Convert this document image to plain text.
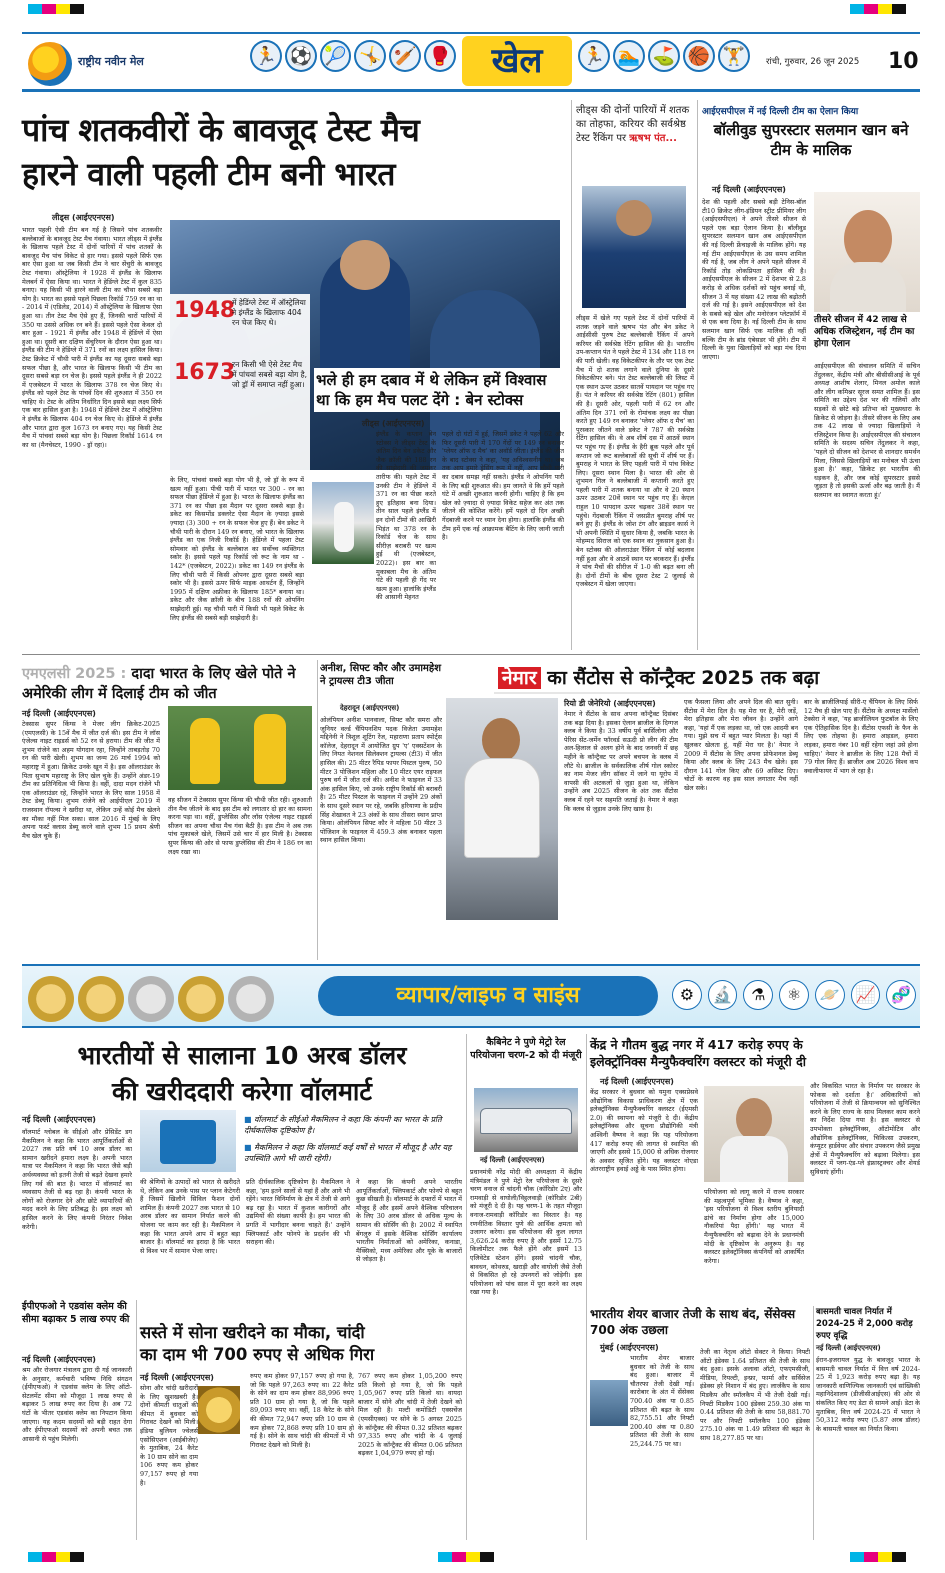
राष्ट्रीय नवीन मेल	🏃 ⚽ 🎾 🤸 🏏 🥊	खेल	🏃 🏊 ⛳ 🏀 🏋	रांची, गुरुवार, 26 जून 2025 10
पांच शतकवीरों के बावजूद टेस्ट मैच
हारने वाली पहली टीम बनी भारत
लीड्स (आईएएनएस)
भारत पहली ऐसी टीम बन गई है जिसने पांच शतकवीर बल्लेबाजों के बावजूद टेस्ट मैच गंवाया। भारत लीड्स में इंग्लैंड के खिलाफ पहले टेस्ट में दोनों पारियों में पांच शतकों के बावजूद मैच पांच विकेट से हार गया। इससे पहले सिर्फ एक बार ऐसा हुआ था जब किसी टीम ने चार सेंचुरी के बावजूद टेस्ट गंवाया। ऑस्ट्रेलिया ने 1928 में इंग्लैंड के खिलाफ मेलबर्न में ऐसा किया था। भारत ने हेडिंग्ले टेस्ट में कुल 835 बनाए। यह किसी भी हारने वाली टीम का चौथा सबसे बड़ा योग है। भारत का इससे पहले पिछला रिकॉर्ड 759 रन का था - 2014 में (एडिलेड, 2014) में ऑस्ट्रेलिया के खिलाफ ऐसा हुआ था। तीन टेस्ट मैच ऐसे हुए हैं, जिनकी चारों पारियों में 350 या उससे अधिक रन बने हैं। इससे पहले ऐसा केवल दो बार हुआ - 1921 में इंग्लैंड और 1948 में हेडिंग्ले में ऐसा हुआ था। दूसरी बार दक्षिण सेंचुरियन के दौरान ऐसा हुआ था। इंग्लैंड की टीम ने हेडिंग्ले में 371 रनों का लक्ष्य हासिल किया। टेस्ट क्रिकेट में चौथी पारी में इंग्लैंड का यह दूसरा सबसे बड़ा सफल पीछा है, और भारत के खिलाफ किसी भी टीम का दूसरा सबसे बड़ा रन चेज है। इससे पहले इंग्लैंड ने ही 2022 में एजबेस्टन में भारत के खिलाफ 378 रन चेज किए थे। इंग्लैंड को पहले टेस्ट के पांचवें दिन की शुरुआत में 350 रन चाहिए थे। टेस्ट के अंतिम निर्धारित दिन इससे बड़ा लक्ष्य सिर्फ एक बार हासिल हुआ है। 1948 में हेडिंग्ले टेस्ट में ऑस्ट्रेलिया ने इंग्लैंड के खिलाफ 404 रन चेज किए थे। हेडिंग्ले में इंग्लैंड और भारत द्वारा कुल 1673 रन बनाए गए। यह किसी टेस्ट मैच में पांचवां सबसे बड़ा योग है। पिछला रिकॉर्ड 1614 रन का था (मैनचेस्टर, 1990 - ड्रॉ रहा)।
1948
में हेडिंग्ले टेस्ट में ऑस्ट्रेलिया ने इंग्लैंड के खिलाफ 404 रन चेज किए थे।
1673
रन किसी भी ऐसे टेस्ट मैच में पांचवां सबसे बड़ा योग है, जो ड्रॉ में समाप्त नहीं हुआ।
के लिए, पांचवां सबसे बड़ा योग भी है, जो ड्रॉ के रूप में खत्म नहीं हुआ। पीची पारी में भारत पर 300 - रन का सफल पीछा हेडिंग्ले में हुआ है। भारत के खिलाफ इंग्लैंड का 371 रन का पीछा इस मैदान पर दूसरा सबसे बड़ा है। डकेट का किसमोंड डक्लरेट ऐसा मैदान के ज़्यादा इससे ज़्यादा (3) 300 + रन के सफल चेज हुए हैं। बेन डकेट ने चौथी पारी के दौरान 149 रन बनाए, जो भारत के खिलाफ इंग्लैंड का एक निजी रिकॉर्ड है। हेडिंग्ले में पहला टेस्ट सोमवार को इंग्लैंड के बल्लेबाज का सर्वोच्च व्यक्तिगत स्कोर है। इससे पहले यह रिकॉर्ड जो रूट के नाम था - 142* (एजबेस्टन, 2022)। डकेट का 149 रन इंग्लैंड के लिए चौथी पारी में किसी ओपनर द्वारा दूसरा सबसे बड़ा स्कोर भी है। इससे ऊपर सिर्फ माइक आथर्टन हैं, जिन्होंने 1995 में दक्षिण अफ्रीका के खिलाफ 185* बनाया था। डकेट और जैक क्रॉली के बीच 188 रनों की ओपनिंग साझेदारी हुई। यह चौथी पारी में किसी भी पहले विकेट के लिए इंग्लैंड की सबसे बड़ी साझेदारी है।
भले ही हम दबाव में थे लेकिन हमें विश्वास था कि हम मैच पलट देंगे : बेन स्टोक्स
लीड्स (आईएएनएस)
इंग्लैंड के कप्तान बेन स्टोक्स ने लीड्स टेस्ट के अंतिम दिन बेन डकेट और जैक क्रॉली की 188 रन की साझेदारी की जमकर तारीफ की। पहले टेस्ट में उनकी टीम ने हेडिंग्ले में 371 रन का पीछा करते हुए इतिहास बना दिया। तीन साल पहले इंग्लैंड में इन दोनों टीमों की आखिरी भिड़ंत था 378 रन के रिकॉर्ड चेज के साथ सीरीज़ बराबरी पर खत्म हुई थी (एजबेस्टन, 2022)। इस बार का मुकाबला मैच के अंतिम घंटे की पहली ही गेंद पर खत्म हुआ। हालांकि इंग्लैंड की आसानी मेहनत
पहले दो घंटों में हुई, जिसमें डकेट ने पहले 62 और फिर दूसरी पारी में 170 गेंदों पर 149 रन बनाकर 'प्लेयर ऑफ द मैच' का अवॉर्ड जीता। इंग्लैंड की जीत के बाद स्टोक्स ने कहा, 'यह अविश्वसनीय था। जब तक आप हमारे ड्रेसिंग रूम में नहीं, आप चौथी पारी का दबाव समझ नहीं सकते। इंग्लैंड ने ओपनिंग पारी के लिए बड़ी शुरुआत की। हम जानते थे कि हमें पहले घंटे में अच्छी शुरुआत करनी होगी। चाहिए है कि हम खेल को ज़्यादा से ज़्यादा विकेट सहेज कर अंत तक जीतने की कोशिश करेंगे। हमें पहले दो दिन अच्छी गेंदबाजी करने पर ध्यान देना होगा। हालांकि इंग्लैंड की टीम हमें एक नई आक्रामक बैटिंग के लिए जानी जाती है।
लीड्स की दोनों पारियों में शतक का तोहफा, करियर की सर्वश्रेष्ठ टेस्ट रैंकिंग पर ऋषभ पंत...
लीड्स में खेले गए पहले टेस्ट में दोनों पारियों में शतक जड़ने वाले ऋषभ पंत और बेन डकेट ने आईसीसी पुरुष टेस्ट बल्लेबाजी रैंकिंग में अपने करियर की सर्वश्रेष्ठ रेटिंग हासिल की है। भारतीय उप-कप्तान पंत ने पहले टेस्ट में 134 और 118 रन की पारी खेली। वह विकेटकीपर के तौर पर एक टेस्ट मैच में दो शतक लगाने वाले दुनिया के दूसरे विकेटकीपर बने। पंत टेस्ट बल्लेबाजी की लिस्ट में एक स्थान ऊपर उठकर सातवें पायदान पर पहुंच गए हैं। पंत ने करियर की सर्वश्रेष्ठ रेटिंग (801) हासिल की है। दूसरी ओर, पहली पारी में 62 रन और अंतिम दिन 371 रनों के रोमांचक लक्ष्य का पीछा करते हुए 149 रन बनाकर 'प्लेयर ऑफ द मैच' का पुरस्कार जीतने वाले डकेट ने 787 की सर्वश्रेष्ठ रेटिंग हासिल की। वे अब शीर्ष दस में आठवें स्थान पर पहुंच गए हैं। इंग्लैंड के हैरी ब्रूक पहले और पूर्व कप्तान जो रूट बल्लेबाजों की सूची में शीर्ष पर हैं। बुमराह ने भारत के लिए पहली पारी में पांच विकेट लिए। दूसरा स्थान मिला है। भारत की ओर से शुभमन गिल ने बल्लेबाजी में कप्तानी करते हुए पहली पारी में शतक बनाया था और वे 20 स्थान ऊपर उठकर 20वें स्थान पर पहुंच गए हैं। केएल राहुल 10 पायदान ऊपर चढ़कर 38वें स्थान पर पहुंचे। गेंदबाजी रैंकिंग में जसप्रीत बुमराह शीर्ष पर बने हुए हैं। इंग्लैंड के जोश टंग और ब्राइडन कार्स ने भी अपनी स्थिति में सुधार किया है, जबकि भारत के मोहम्मद सिराज को एक स्थान का नुकसान हुआ है। बेन स्टोक्स की ऑलराउंडर रैंकिंग में कोई बदलाव नहीं हुआ और वे आठवें स्थान पर बरकरार हैं। इंग्लैंड ने पांच मैचों की सीरीज में 1-0 की बढ़त बना ली है। दोनों टीमों के बीच दूसरा टेस्ट 2 जुलाई से एजबेस्टन में खेला जाएगा।
आईएसपीएल में नई दिल्ली टीम का ऐलान किया
बॉलीवुड सुपरस्टार सलमान खान बने टीम के मालिक
नई दिल्ली (आईएएनएस)
देश की पहली और सबसे बड़ी टेनिस-बॉल टी10 क्रिकेट लीग-इंडियन स्ट्रीट प्रीमियर लीग (आईएसपीएल) ने अपने तीसरे सीजन से पहले एक बड़ा ऐलान किया है। बॉलीवुड सुपरस्टार सलमान खान अब आईएसपीएल की नई दिल्ली फ्रेंचाइजी के मालिक होंगे। यह नई टीम आईएसपीएल के उस समय शामिल की गई है, जब लीग ने अपने पहले सीजन में रिकॉर्ड तोड़ लोकप्रियता हासिल की है। आईएसपीएल के सीजन 2 में देशभर से 2.8 करोड़ से अधिक दर्शकों को पहुंच बनाई थी, सीजन 3 में यह संख्या 42 लाख की बढ़ोतरी दर्ज की गई है। इसने आईएसपीएल को देश के सबसे बड़े खेल और मनोरंजन प्लेटफ़ॉर्म में से एक बना दिया है। नई दिल्ली टीम के साथ सलमान खान सिर्फ एक मालिक ही नहीं बल्कि टीम के ब्रांड एंबेसडर भी होंगे। टीम में दिल्ली के युवा खिलाड़ियों को बड़ा मंच दिया जाएगा।
तीसरे सीजन में 42 लाख से अधिक रजिस्ट्रेशन, नई टीम का होगा ऐलान
आईएसपीएल की संचालन समिति में सचिन तेंदुलकर, केंद्रीय मंत्री और बीसीसीआई के पूर्व अध्यक्ष आशीष शेलार, मिनल अमोल काले और लीग कमिश्नर सूरज समत शामिल हैं। इस समिति का उद्देश्य देश भर की गलियों और सड़कों से छोटे बड़े प्रतिभा को मुख्यधारा के क्रिकेट से जोड़ना है। तीसरे सीजन के लिए अब तक 42 लाख से ज्यादा खिलाड़ियों ने रजिस्ट्रेशन किया है। आईएसपीएल की संचालन समिति के सदस्य सचिन तेंदुलकर ने कहा, 'पहले दो सीजन को देशभर से शानदार समर्थन मिला, जिससे खिलाड़ियों का मनोबल भी ऊंचा हुआ है।' कहा, 'क्रिकेट हर भारतीय की धड़कन है, और जब कोई सुपरस्टार इससे जुड़ता है तो इसकी ऊर्जा और बढ़ जाती है। मैं सलमान का स्वागत करता हूं।'
एमएलसी 2025 : दादा भारत के लिए खेले पोते ने अमेरिकी लीग में दिलाई टीम को जीत
नई दिल्ली (आईएएनएस)
टेक्सास सुपर किंग्स ने मेजर लीग क्रिकेट-2025 (एमएलसी) के 15वें मैच में जीत दर्ज की। इस टीम ने लॉस एंजेल्स नाइट राइडर्स को 52 रन से हराया। टीम की जीत में शुभम रांजेने का अहम योगदान रहा, जिन्होंने ताबड़तोड़ 70 रन की पारी खेली। शुभम का जन्म 26 मार्च 1994 को महाराष्ट्र में हुआ। क्रिकेट उनके खून में है। इस ऑलराउंडर के पिता सुभाष महाराष्ट्र के लिए खेल चुके हैं। उन्होंने अंडर-19 टीम का प्रतिनिधित्व भी किया है। वहीं, दादा मदन रांजेने भी एक ऑलराउंडर रहे, जिन्होंने भारत के लिए साल 1958 में टेस्ट डेब्यू किया। शुभम रांजेने को आईपीएल 2019 में राजस्थान रॉयल्स ने खरीदा था, लेकिन उन्हें कोई मैच खेलने का मौका नहीं मिल सका। साल 2016 में मुंबई के लिए अपना फर्स्ट क्लास डेब्यू करने वाले शुभम 15 प्रथम श्रेणी मैच खेल चुके हैं।
वह सीजन में टेक्सास सुपर किंग्स की चौथी जीत रही। शुरुआती तीन मैच जीतने के बाद इस टीम को लगातार दो हार का सामना करना पड़ा था। वहीं, डुप्लेसिस और लॉस एंजेल्स नाइट राइडर्स सीजन का अपना चौथा मैच गंवा बैठी है। इस टीम ने अब तक पांच मुकाबले खेले, जिसमें उसे चार में हार मिली है। टेक्सास सुपर किंग्स की ओर से फाफ डुप्लेसिस की टीम ने 186 रन का लक्ष्य रखा था।
अनीश, सिफ्ट कौर और उमामहेश ने ट्रायल्स टी3 जीता
देहरादून (आईएएनएस)
ओलंपियन अनीश भानवाला, सिफ्ट कौर समरा और जूनियर वर्ल्ड चैंपियनशिप पदक विजेता उमामहेश मद्दिनेनी ने त्रिशूल शूटिंग रेंज, महाराणा प्रताप स्पोर्ट्स कॉलेज, देहरादून में आयोजित ग्रुप 'ए' एक्सटेंशन के लिए नियत नेशनल सिलेक्शन ट्रायल्स (टी3) में जीत हासिल की। 25 मीटर रैपिड फायर पिस्टल पुरुष, 50 मीटर 3 पोजिशन महिला और 10 मीटर एयर राइफल पुरुष वर्ग में जीत दर्ज की। अनीश ने फाइनल में 33 अंक हासिल किए, जो उनके राष्ट्रीय रिकॉर्ड की बराबरी है। 25 मीटर पिस्टल के फाइनल में उन्होंने 29 अंकों के साथ दूसरे स्थान पर रहे, जबकि हरियाणा के प्रदीप सिंह शेखावत ने 23 अंकों के साथ तीसरा स्थान प्राप्त किया। ओलंपियन सिफ्ट कौर ने महिला 50 मीटर 3 पोजिशन के फाइनल में 459.3 अंक बनाकर पहला स्थान हासिल किया।
नेमार का सैंटोस से कॉन्ट्रैक्ट 2025 तक बढ़ा
रियो डी जेनेरियो (आईएएनएस)
नेमार ने सैंटोस के साथ अपना कॉन्ट्रैक्ट दिसंबर तक बढ़ा दिया है। इसका ऐलान ब्राजील के दिग्गज क्लब ने किया है। 33 वर्षीय पूर्व बार्सिलोना और पेरिस सेंट-जर्मेन फॉरवर्ड सऊदी प्रो लीग की टीम अल-हिलाल से अलग होने के बाद जनवरी में छह महीने के कॉन्ट्रैक्ट पर अपने बचपन के क्लब में लौटे थे। ब्राजील के सर्वकालिक शीर्ष गोल स्कोरर का नाम मेजर लीग सॉकर में जाने या यूरोप में वापसी की अटकलों से जुड़ा हुआ था, लेकिन उन्होंने अब 2025 सीजन के अंत तक सैंटोस क्लब में रहने पर सहमति जताई है। नेमार ने कहा कि क्लब से जुड़ाव उनके लिए खास है।
एक फैसला लिया और अपने दिल की बात सुनी। सैंटोस में मेरा दिल है। यह मेरा घर है, मेरी जड़ें, मेरा इतिहास और मेरा जीवन है। उन्होंने आगे कहा, 'यहां मैं एक लड़का था, जो एक आदमी बन गया। मुझे सच में बहुत प्यार मिलता है। यहां मैं खुलकर खेलता हूं, यहीं मेरा घर है।' नेमार ने 2009 में सैंटोस के लिए अपना प्रोफेशनल डेब्यू किया और क्लब के लिए 243 मैच खेले। इस दौरान 141 गोल किए और 69 असिस्ट दिए। चोटों के कारण वह इस साल लगातार मैच नहीं खेल सके।
बार के ब्राजीलियाई सीरी-ए चैंपियन के लिए सिर्फ 12 मैच ही खेल पाए हैं। सैंटोस के अध्यक्ष मार्सेलो टेक्सेरा ने कहा, 'यह ब्राजीलियन फुटबॉल के लिए एक ऐतिहासिक दिन है। सैंटोस एफसी के फैन के लिए एक तोहफा है। हमारा आइडल, हमारा लड़का, हमारा नंबर 10 वहीं रहेगा जहां उसे होना चाहिए।' नेमार ने ब्राजील के लिए 128 मैचों में 79 गोल किए हैं। ब्राजील अब 2026 विश्व कप क्वालीफायर में भाग ले रहा है।
व्यापार/लाइफ व साइंस	⚙	🔬	⚗	⚛	🪐 📈 🧬
भारतीयों से सालाना 10 अरब डॉलर
की खरीददारी करेगा वॉलमार्ट
नई दिल्ली (आईएएनएस)	■ वॉलमार्ट के सीईओ मैकमिलन ने कहा कि कंपनी का भारत के प्रति दीर्घकालिक दृष्टिकोण है।
■ मैकमिलन ने कहा कि वॉलमार्ट कई वर्षों से भारत में मौजूद है और यह उपस्थिति आगे भी जारी रहेगी।
वॉलमार्ट ग्लोबल के सीईओ और प्रेसिडेंट डग मैकमिलन ने कहा कि भारत आपूर्तिकर्ताओं से 2027 तक प्रति वर्ष 10 अरब डॉलर का सामान खरीदने हमारा लक्ष्य है। अपनी भारत यात्रा पर मैकमिलन ने कहा कि भारत जैसे बड़ी अर्थव्यवस्था को इतनी तेजी से बढ़ते देखना हमारे लिए गर्व की बात है। भारत में वॉलमार्ट का व्यवसाय तेजी से बढ़ रहा है। कंपनी भारत के लोगों को रोजगार देने और छोटे व्यापारियों की मदद करने के लिए प्रतिबद्ध है। इस लक्ष्य को हासिल करने के लिए कंपनी निरंतर निवेश करेगी।
की श्रेणियों के उत्पादों को भारत से खरीदते थे, लेकिन अब उनके पास पर प्लान केटेगरी हैं जिसमें खिलौने सिविल फैशन दोनों शामिल हैं। कंपनी 2027 तक भारत से 10 अरब डॉलर का सामान निर्यात करने की योजना पर काम कर रही है। मैकमिलन ने कहा कि भारत अपने आप में बहुत बड़ा बाजार है। वॉलमार्ट का इरादा है कि भारत से विश्व भर में सामान भेजा जाए।
प्रति दीर्घकालिक दृष्टिकोण है। मैकमिलन ने कहा, 'हम इतने सालों से यहां हैं और आगे भी रहेंगे। भारत विनिर्माण के क्षेत्र में तेजी से आगे बढ़ रहा है। भारत में कुशल कारीगरों और उद्यमियों की संख्या काफी है। हम भारत की प्रगति में भागीदार बनना चाहते हैं।' उन्होंने फ्लिपकार्ट और फोनपे के प्रदर्शन की भी सराहना की।
ने कहा कि कंपनी अपने भारतीय आपूर्तिकर्ताओं, फ्लिपकार्ट और फोनपे से बहुत कुछ सीखती है। वॉलमार्ट के दफ्तरों में भारत में मौजूद हैं और इसमें अपने वैश्विक परिचालन के लिए 30 अरब डॉलर से अधिक मूल्य के सामान की सोर्सिंग की है। 2002 में स्थापित बेंगलुरु में इसके वैश्विक सोर्सिंग कार्यालय भारतीय निर्माताओं को अमेरिका, कनाडा, मैक्सिको, मध्य अमेरिका और यूके के बाजारों से जोड़ता है।
ईपीएफओ ने एडवांस क्लेम की सीमा बढ़ाकर 5 लाख रुपए की
नई दिल्ली (आईएएनएस)
श्रम और रोजगार मंत्रालय द्वारा दी गई जानकारी के अनुसार, कर्मचारी भविष्य निधि संगठन (ईपीएफओ) ने एडवांस क्लेम के लिए ऑटो-सेटलमेंट सीमा को मौजूदा 1 लाख रुपए से बढ़ाकर 5 लाख रुपए कर दिया है। अब 72 घंटों के भीतर एडवांस क्लेम का निपटान किया जाएगा। यह कदम सदस्यों को बड़ी राहत देगा और ईपीएफओ सदस्यों को अपनी बचत तक आसानी से पहुंच मिलेगी।
सस्ते में सोना खरीदने का मौका, चांदी
का दाम भी 700 रुपए से अधिक गिरा
नई दिल्ली (आईएएनएस)
सोना और चांदी खरीदारों के लिए खुशखबरी है। दोनों कीमती धातुओं की कीमत में बुधवार को गिरावट देखने को मिली। इंडिया बुलियन ज्वेलर्स एसोसिएशन (आईबीजेए) के मुताबिक, 24 कैरेट के 10 ग्राम सोने का दाम 106 रुपए कम होकर 97,157 रुपए हो गया है।
रुपए कम होकर 97,157 रुपए हो गया है, जो कि पहले 97,263 रुपए था। 22 कैरेट के सोने का दाम कम होकर 88,996 रुपए प्रति 10 ग्राम हो गया है, जो कि पहले 89,093 रुपए था। वहीं, 18 कैरेट के सोने की कीमत 72,947 रुपए प्रति 10 ग्राम से कम होकर 72,868 रुपए प्रति 10 ग्राम हो गई है। सोने के साथ चांदी की कीमतों में भी गिरावट देखने को मिली है।
767 रुपए कम होकर 1,05,200 रुपए प्रति किलो हो गया है, जो कि पहले 1,05,967 रुपए प्रति किलो था। वायदा बाजार में सोने और चांदी में तेजी देखने को मिल रही है। मल्टी कमोडिटी एक्सचेंज (एमसीएक्स) पर सोने के 5 अगस्त 2025 के कॉन्ट्रैक्ट की कीमत 0.32 प्रतिशत बढ़कर 97,335 रुपए और चांदी के 4 जुलाई 2025 के कॉन्ट्रैक्ट की कीमत 0.06 प्रतिशत बढ़कर 1,04,979 रुपए हो गई।
कैबिनेट ने पुणे मेट्रो रेल परियोजना चरण-2 को दी मंजूरी
नई दिल्ली (आईएएनएस)
प्रधानमंत्री नरेंद्र मोदी की अध्यक्षता में केंद्रीय मंत्रिमंडल ने पुणे मेट्रो रेल परियोजना के दूसरे चरण वनाज से चांदनी चौक (कॉरिडोर 2ए) और रामवाड़ी से वाघोली/विट्ठलवाड़ी (कॉरिडोर 2बी) को मंजूरी दे दी है। यह चरण-1 के तहत मौजूदा वनाज-रामवाड़ी कॉरिडोर का विस्तार है। यह रणनीतिक विस्तार पुणे की आर्थिक क्षमता को उजागर करेगा। इस परियोजना की कुल लागत 3,626.24 करोड़ रुपए है और इसमें 12.75 किलोमीटर तक फैले होंगे और इसमें 13 एलिवेटेड स्टेशन होंगे। इससे चांदनी चौक, बावधन, कोथरुड, खराड़ी और वाघोली जैसे तेजी से विकसित हो रहे उपनगरों को जोड़ेगी। इस परियोजना को पांच साल में पूरा करने का लक्ष्य रखा गया है।
केंद्र ने गौतम बुद्ध नगर में 417 करोड़ रुपए के
इलेक्ट्रॉनिक्स मैन्युफैक्चरिंग क्लस्टर को मंजूरी दी
नई दिल्ली (आईएएनएस)
केंद्र सरकार ने बुधवार को यमुना एक्सप्रेसवे औद्योगिक विकास प्राधिकरण क्षेत्र में एक इलेक्ट्रॉनिक्स मैन्युफैक्चरिंग क्लस्टर (ईएमसी 2.0) की स्थापना को मंजूरी दे दी। केंद्रीय इलेक्ट्रॉनिक्स और सूचना प्रौद्योगिकी मंत्री अश्विनी वैष्णव ने कहा कि यह परियोजना 417 करोड़ रुपए की लागत से स्थापित की जाएगी और इससे 15,000 से अधिक रोजगार के अवसर सृजित होंगे। यह क्लस्टर नोएडा अंतरराष्ट्रीय हवाई अड्डे के पास स्थित होगा।
परियोजना को लागू करने में राज्य सरकार की महत्वपूर्ण भूमिका है। वैष्णव ने कहा, 'इस परियोजना से विश्व स्तरीय बुनियादी ढांचे का निर्माण होगा और 15,000 नौकरियां पैदा होंगी।' यह भारत में मैन्युफैक्चरिंग को बढ़ावा देने के प्रधानमंत्री मोदी के दृष्टिकोण के अनुरूप है। यह क्लस्टर इलेक्ट्रॉनिक्स कंपनियों को आकर्षित करेगा।
और विकसित भारत के निर्माण पर सरकार के फोकस को दर्शाता है।' अधिकारियों को परियोजना में तेजी से क्रियान्वयन को सुनिश्चित करने के लिए राज्य के साथ मिलकर काम करने का निर्देश दिया गया है। इस क्लस्टर से उपभोक्ता इलेक्ट्रॉनिक्स, ऑटोमोटिव और औद्योगिक इलेक्ट्रॉनिक्स, चिकित्सा उपकरण, कंप्यूटर हार्डवेयर और संचार उपकरण जैसे प्रमुख क्षेत्रों में मैन्युफैक्चरिंग को बढ़ावा मिलेगा। इस क्लस्टर में प्लग-एंड-प्ले इंफ्रास्ट्रक्चर और शेयर्ड सुविधाएं होंगी।
भारतीय शेयर बाजार तेजी के साथ बंद, सेंसेक्स 700 अंक उछला
मुंबई (आईएएनएस)
भारतीय शेयर बाजार बुधवार को तेजी के साथ बंद हुआ। बाजार में चौतरफा तेजी देखी गई। कारोबार के अंत में सेंसेक्स 700.40 अंक या 0.85 प्रतिशत की बढ़त के साथ 82,755.51 और निफ्टी 200.40 अंक या 0.80 प्रतिशत की तेजी के साथ 25,244.75 पर था।
तेजी का नेतृत्व ऑटो सेक्टर ने किया। निफ्टी ऑटो इंडेक्स 1.64 प्रतिशत की तेजी के साथ बंद हुआ। इसके अलावा ऑटो, एफएमसीजी, मीडिया, रियल्टी, इन्फ्रा, फार्मा और सर्विसेज इंडेक्स हरे निशान में बंद हुए। लार्जकैप के साथ मिडकैप और स्मॉलकैप में भी तेजी देखी गई। निफ्टी मिडकैप 100 इंडेक्स 259.30 अंक या 0.44 प्रतिशत की तेजी के साथ 58,881.70 पर और निफ्टी स्मॉलकैप 100 इंडेक्स 275.10 अंक या 1.49 प्रतिशत की बढ़त के साथ 18,277.85 पर था।
बासमती चावल निर्यात में 2024-25 में 2,000 करोड़ रुपए वृद्धि
नई दिल्ली (आईएएनएस)
ईरान-इजरायल युद्ध के बावजूद भारत के बासमती चावल निर्यात में वित्त वर्ष 2024-25 में 1,923 करोड़ रुपए बढ़ा है। यह जानकारी वाणिज्यिक जानकारी एवं सांख्यिकी महानिदेशालय (डीजीसीआईएस) की ओर से संकलित किए गए डेटा से सामने आई। डेटा के मुताबिक, वित्त वर्ष 2024-25 में भारत ने 50,312 करोड़ रुपए (5.87 अरब डॉलर) के बासमती चावल का निर्यात किया।
